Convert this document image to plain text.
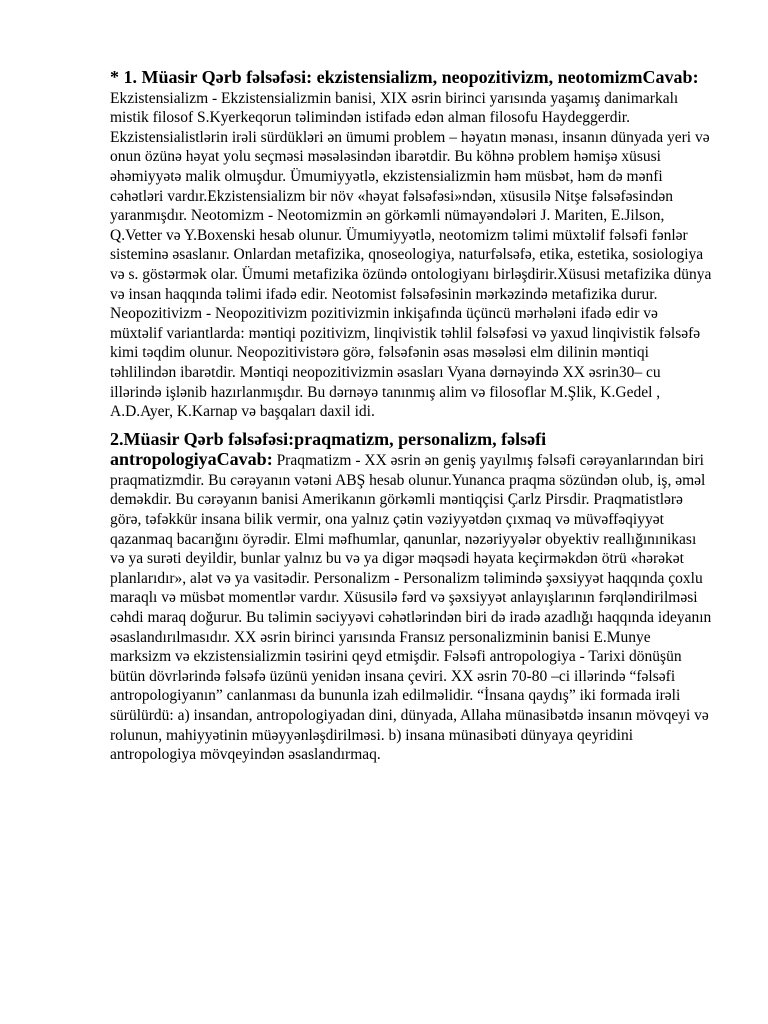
* 1. Müasir Qərb fəlsəfəsi: ekzistensializm, neopozitivizm, neotomizmCavab: Ekzistensializm - Ekzistensializmin banisi, XIX əsrin birinci yarısında yaşamış danimarkalı mistik filosof S.Kyerkeqorun təlimindən istifadə edən alman filosofu Haydeggerdir. Ekzistensialistlərin irəli sürdükləri ən ümumi problem – həyatın mənası, insanın dünyada yeri və onun özünə həyat yolu seçməsi məsələsindən ibarətdir. Bu köhnə problem həmişə xüsusi əhəmiyyətə malik olmuşdur. Ümumiyyətlə, ekzistensializmin həm müsbət, həm də mənfi cəhətləri vardır.Ekzistensializm bir növ «həyat fəlsəfəsi»ndən, xüsusilə Nitşe fəlsəfəsindən yaranmışdır. Neotomizm - Neotomizmin ən görkəmli nümayəndələri J. Mariten, E.Jilson, Q.Vetter və Y.Boxenski hesab olunur. Ümumiyyətlə, neotomizm təlimi müxtəlif fəlsəfi fənlər sisteminə əsaslanır. Onlardan metafizika, qnoseologiya, naturfəlsəfə, etika, estetika, sosiologiya və s. göstərmək olar. Ümumi metafizika özündə ontologiyanı birləşdirir.Xüsusi metafizika dünya və insan haqqında təlimi ifadə edir. Neotomist fəlsəfəsinin mərkəzində metafizika durur. Neopozitivizm - Neopozitivizm pozitivizmin inkişafında üçüncü mərhələni ifadə edir və müxtəlif variantlarda: məntiqi pozitivizm, linqivistik təhlil fəlsəfəsi və yaxud linqivistik fəlsəfə kimi təqdim olunur. Neopozitivistərə görə, fəlsəfənin əsas məsələsi elm dilinin məntiqi təhlilindən ibarətdir. Məntiqi neopozitivizmin əsasları Vyana dərnəyində XX əsrin30– cu illərində işlənib hazırlanmışdır. Bu dərnəyə tanınmış alim və filosoflar M.Şlik, K.Gedel , A.D.Ayer, K.Karnap və başqaları daxil idi.

2.Müasir Qərb fəlsəfəsi:praqmatizm, personalizm, fəlsəfi antropologiyaCavab: Praqmatizm - XX əsrin ən geniş yayılmış fəlsəfi cərəyanlarından biri praqmatizmdir. Bu cərəyanın vətəni ABŞ hesab olunur.Yunanca praqma sözündən olub, iş, əməl deməkdir. Bu cərəyanın banisi Amerikanın görkəmli məntiqçisi Çarlz Pirsdir. Praqmatistlərə görə, təfəkkür insana bilik vermir, ona yalnız çətin vəziyyətdən çıxmaq və müvəffəqiyyət qazanmaq bacarığını öyrədir. Elmi məfhumlar, qanunlar, nəzəriyyələr obyektiv reallığınınikası və ya surəti deyildir, bunlar yalnız bu və ya digər məqsədi həyata keçirməkdən ötrü «hərəkət planlarıdır», alət və ya vasitədir. Personalizm - Personalizm təlimində şəxsiyyət haqqında çoxlu maraqlı və müsbət momentlər vardır. Xüsusilə fərd və şəxsiyyət anlayışlarının fərqləndirilməsi cəhdi maraq doğurur. Bu təlimin səciyyəvi cəhətlərindən biri də iradə azadlığı haqqında ideyanın əsaslandırılmasıdır. XX əsrin birinci yarısında Fransız personalizminin banisi E.Munye marksizm və ekzistensializmin təsirini qeyd etmişdir. Fəlsəfi antropologiya - Tarixi dönüşün bütün dövrlərində fəlsəfə üzünü yenidən insana çeviri. XX əsrin 70-80 –ci illərində “fəlsəfi antropologiyanın” canlanması da bununla izah edilməlidir. “İnsana qaydış” iki formada irəli sürülürdü: a) insandan, antropologiyadan dini, dünyada, Allaha münasibətdə insanın mövqeyi və rolunun, mahiyyətinin müəyyənləşdirilməsi. b) insana münasibəti dünyaya qeyridini antropologiya mövqeyindən əsaslandırmaq.
